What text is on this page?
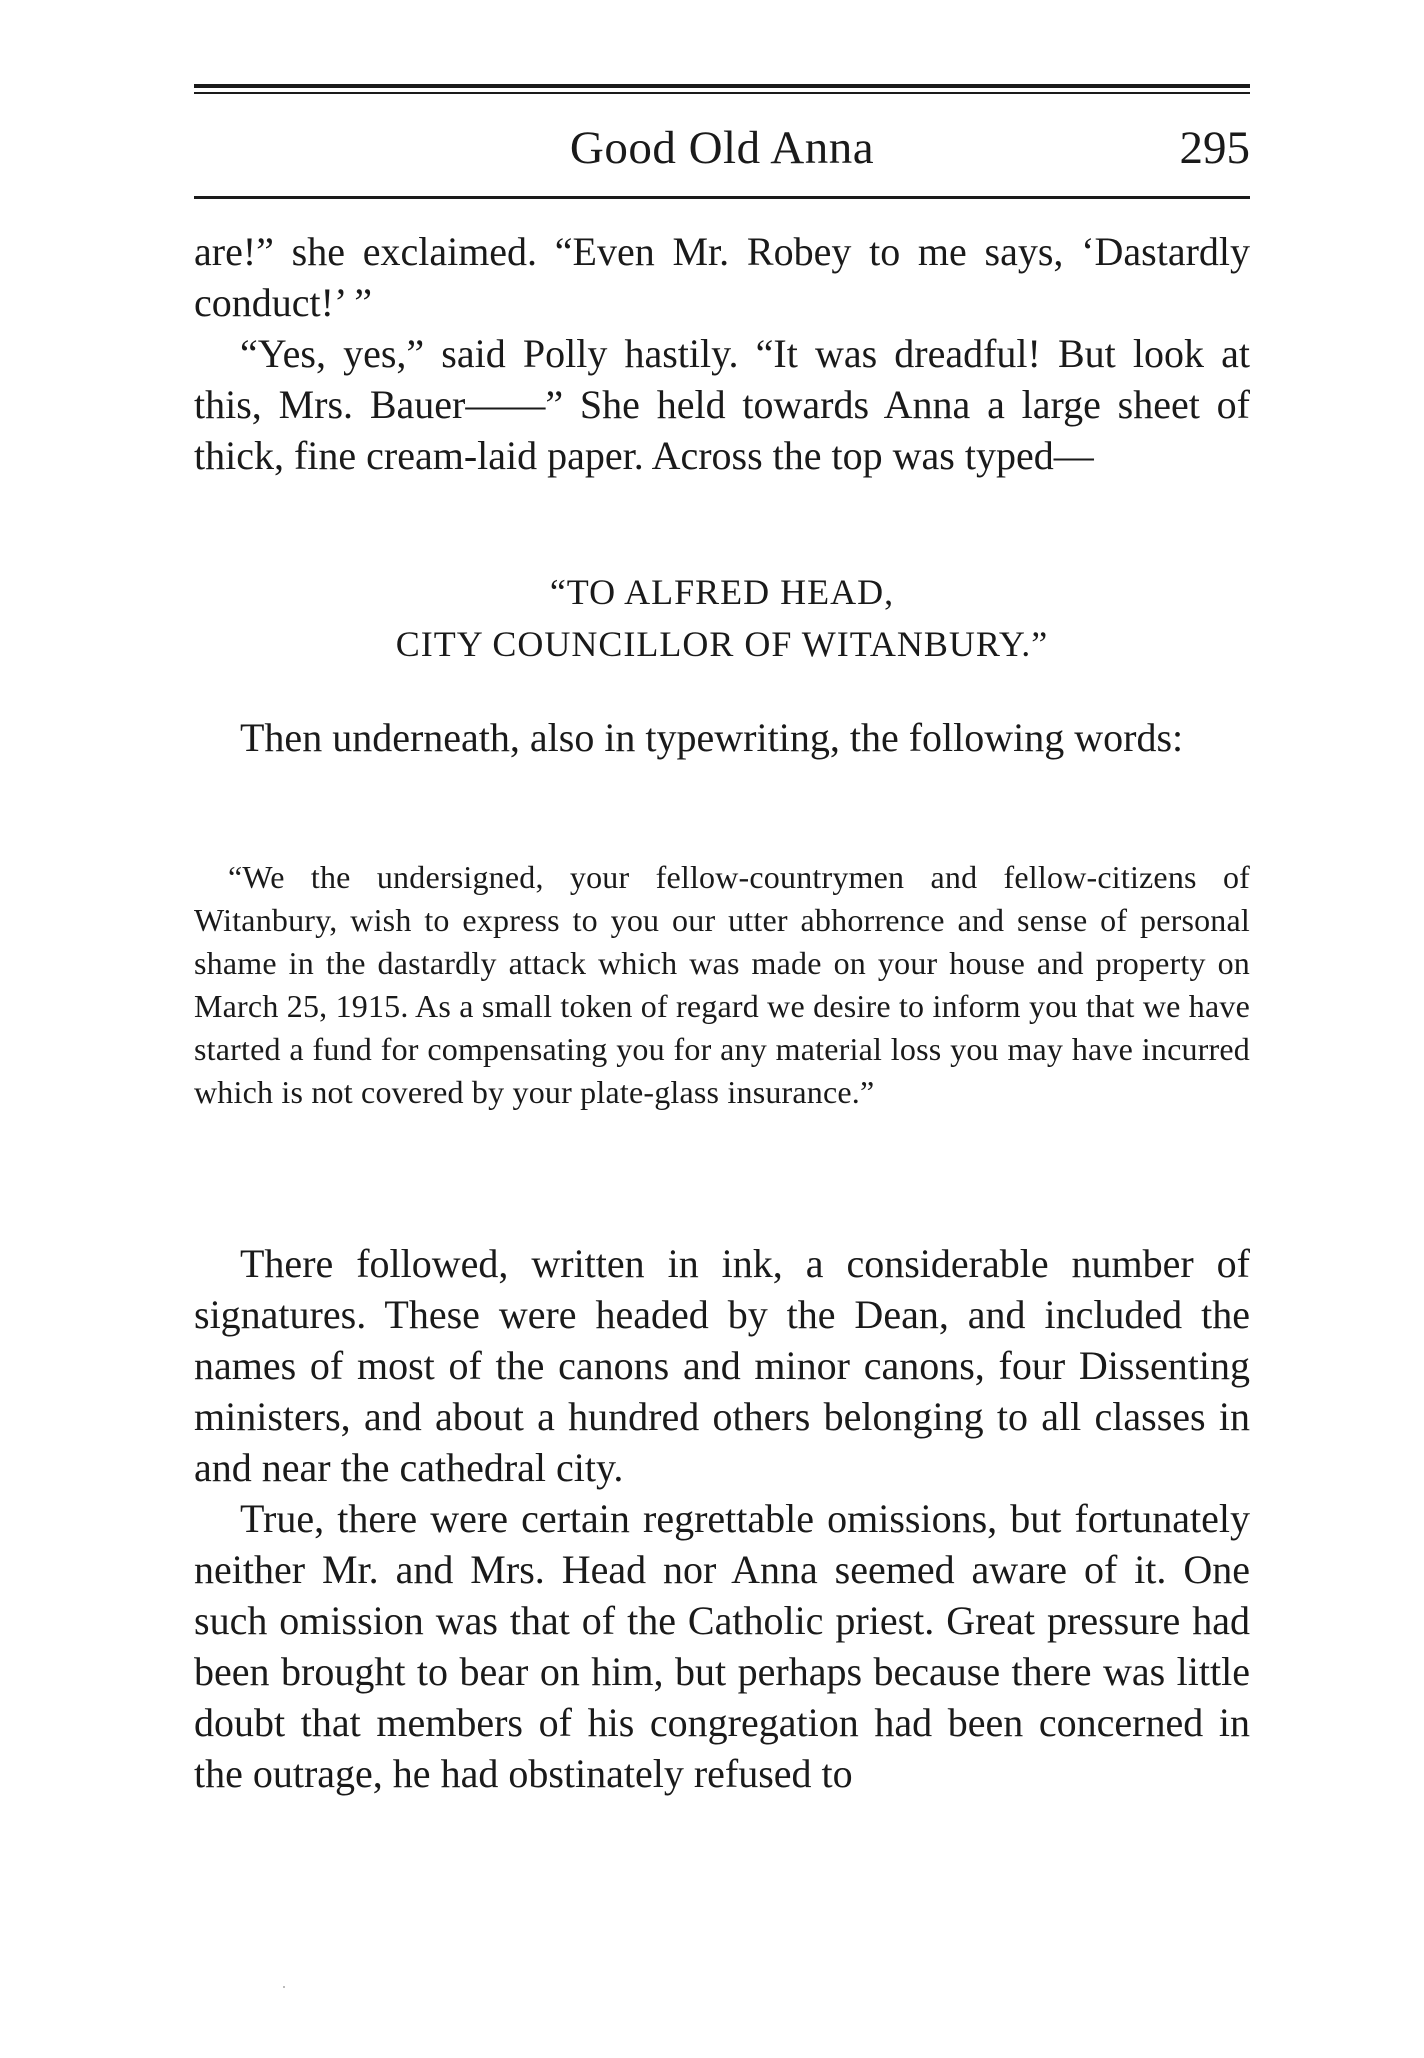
Good Old Anna	295

are!” she exclaimed. “Even Mr. Robey to me says, ‘Dastardly conduct!’ ”

“Yes, yes,” said Polly hastily. “It was dreadful! But look at this, Mrs. Bauer——” She held towards Anna a large sheet of thick, fine cream-laid paper. Across the top was typed—

“TO ALFRED HEAD,

CITY COUNCILLOR OF WITANBURY.”

Then underneath, also in typewriting, the following words:

“We the undersigned, your fellow-countrymen and fellow-citizens of Witanbury, wish to express to you our utter abhorrence and sense of personal shame in the dastardly attack which was made on your house and property on March 25, 1915. As a small token of regard we desire to inform you that we have started a fund for compensating you for any material loss you may have incurred which is not covered by your plate-glass insurance.”

There followed, written in ink, a considerable number of signatures. These were headed by the Dean, and included the names of most of the canons and minor canons, four Dissenting ministers, and about a hundred others belonging to all classes in and near the cathedral city.

True, there were certain regrettable omissions, but fortunately neither Mr. and Mrs. Head nor Anna seemed aware of it. One such omission was that of the Catholic priest. Great pressure had been brought to bear on him, but perhaps because there was little doubt that members of his congregation had been concerned in the outrage, he had obstinately refused to
